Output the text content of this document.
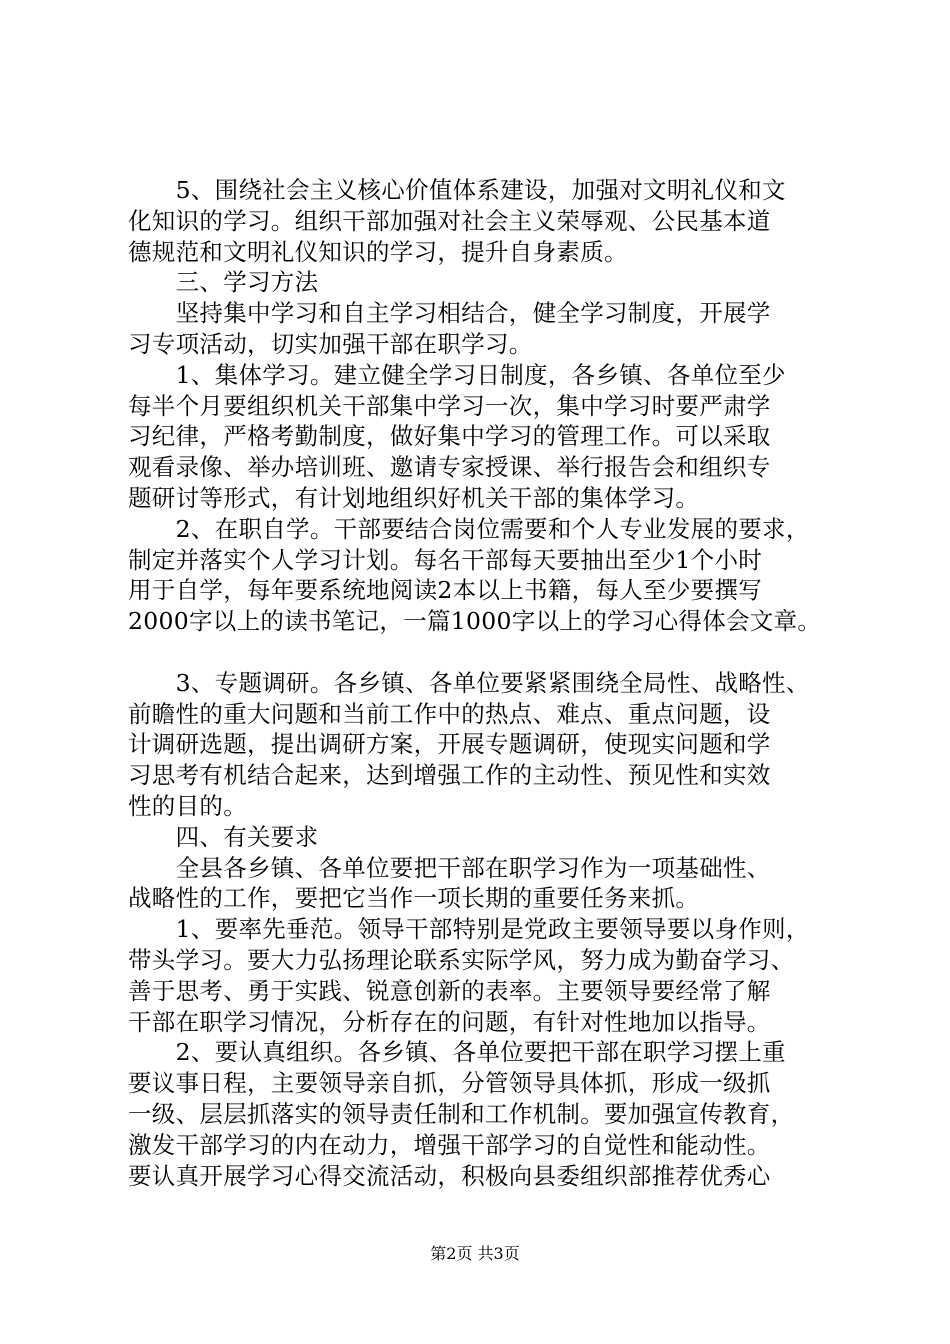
　　5、围绕社会主义核心价值体系建设，加强对文明礼仪和文
化知识的学习。组织干部加强对社会主义荣辱观、公民基本道
德规范和文明礼仪知识的学习，提升自身素质。
　　三、学习方法
　　坚持集中学习和自主学习相结合，健全学习制度，开展学
习专项活动，切实加强干部在职学习。
　　1、集体学习。建立健全学习日制度，各乡镇、各单位至少
每半个月要组织机关干部集中学习一次，集中学习时要严肃学
习纪律，严格考勤制度，做好集中学习的管理工作。可以采取
观看录像、举办培训班、邀请专家授课、举行报告会和组织专
题研讨等形式，有计划地组织好机关干部的集体学习。
　　2、在职自学。干部要结合岗位需要和个人专业发展的要求，
制定并落实个人学习计划。每名干部每天要抽出至少1个小时
用于自学，每年要系统地阅读2本以上书籍，每人至少要撰写
2000字以上的读书笔记，一篇1000字以上的学习心得体会文章。
　　3、专题调研。各乡镇、各单位要紧紧围绕全局性、战略性、
前瞻性的重大问题和当前工作中的热点、难点、重点问题，设
计调研选题，提出调研方案，开展专题调研，使现实问题和学
习思考有机结合起来，达到增强工作的主动性、预见性和实效
性的目的。
　　四、有关要求
　　全县各乡镇、各单位要把干部在职学习作为一项基础性、
战略性的工作，要把它当作一项长期的重要任务来抓。
　　1、要率先垂范。领导干部特别是党政主要领导要以身作则，
带头学习。要大力弘扬理论联系实际学风，努力成为勤奋学习、
善于思考、勇于实践、锐意创新的表率。主要领导要经常了解
干部在职学习情况，分析存在的问题，有针对性地加以指导。
　　2、要认真组织。各乡镇、各单位要把干部在职学习摆上重
要议事日程，主要领导亲自抓，分管领导具体抓，形成一级抓
一级、层层抓落实的领导责任制和工作机制。要加强宣传教育，
激发干部学习的内在动力，增强干部学习的自觉性和能动性。
要认真开展学习心得交流活动，积极向县委组织部推荐优秀心
第2页 共3页
